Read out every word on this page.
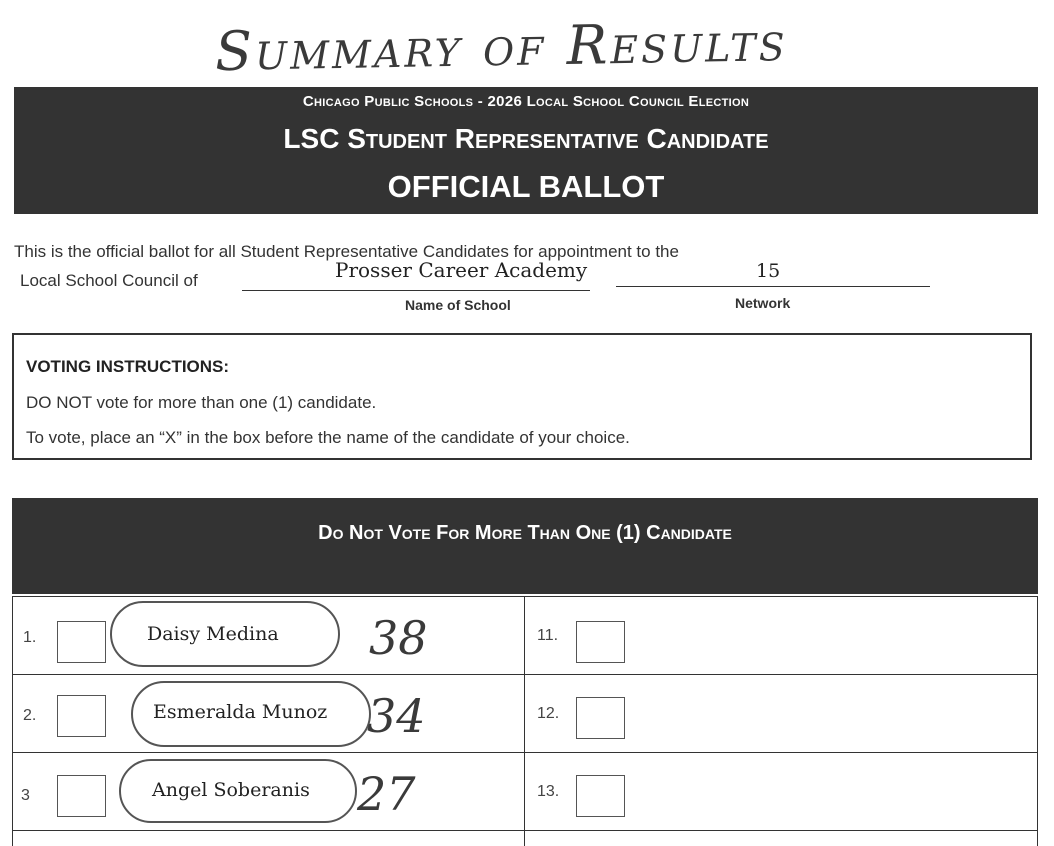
Summary of Results
Chicago Public Schools - 2026 Local School Council Election
LSC Student Representative Candidate
OFFICIAL BALLOT
This is the official ballot for all Student Representative Candidates for appointment to the
Local School Council of	Prosser Career Academy	15
Name of School	Network
VOTING INSTRUCTIONS:
DO NOT vote for more than one (1) candidate.
To vote, place an “X” in the box before the name of the candidate of your choice.
Do Not Vote For More Than One (1) Candidate
1.	Daisy Medina 38	11.
2.	Esmeralda Munoz 34	12.
3	Angel Soberanis 27	13.
